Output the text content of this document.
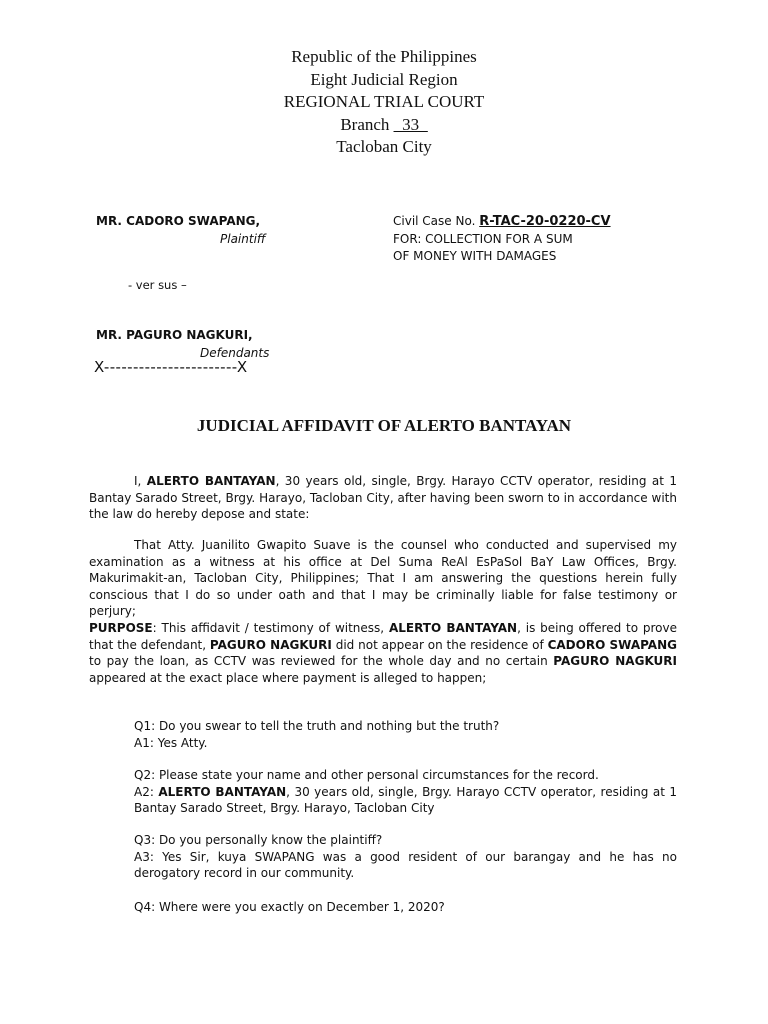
Republic of the Philippines
Eight Judicial Region
REGIONAL TRIAL COURT
Branch _33_
Tacloban City
MR. CADORO SWAPANG,
Plaintiff
Civil Case No. R-TAC-20-0220-CV
FOR: COLLECTION FOR A SUM
OF MONEY WITH DAMAGES
- ver sus –
MR. PAGURO NAGKURI,
Defendants
X-----------------------X
JUDICIAL AFFIDAVIT OF ALERTO BANTAYAN
I, ALERTO BANTAYAN, 30 years old, single, Brgy. Harayo CCTV operator, residing at 1 Bantay Sarado Street, Brgy. Harayo, Tacloban City, after having been sworn to in accordance with the law do hereby depose and state:
That Atty. Juanilito Gwapito Suave is the counsel who conducted and supervised my examination as a witness at his office at Del Suma ReAl EsPaSol BaY Law Offices, Brgy. Makurimakit-an, Tacloban City, Philippines; That I am answering the questions herein fully conscious that I do so under oath and that I may be criminally liable for false testimony or perjury;
PURPOSE: This affidavit / testimony of witness, ALERTO BANTAYAN, is being offered to prove that the defendant, PAGURO NAGKURI did not appear on the residence of CADORO SWAPANG to pay the loan, as CCTV was reviewed for the whole day and no certain PAGURO NAGKURI appeared at the exact place where payment is alleged to happen;
Q1: Do you swear to tell the truth and nothing but the truth?
A1: Yes Atty.
Q2: Please state your name and other personal circumstances for the record.
A2: ALERTO BANTAYAN, 30 years old, single, Brgy. Harayo CCTV operator, residing at 1 Bantay Sarado Street, Brgy. Harayo, Tacloban City
Q3: Do you personally know the plaintiff?
A3: Yes Sir, kuya SWAPANG was a good resident of our barangay and he has no derogatory record in our community.
Q4: Where were you exactly on December 1, 2020?
